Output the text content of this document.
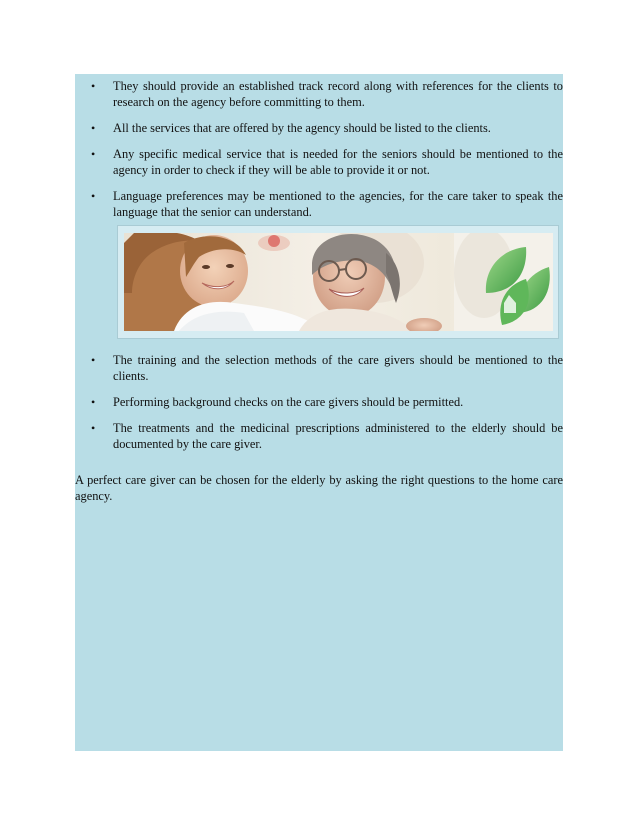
• They should provide an established track record along with references for the clients to research on the agency before committing to them.
• All the services that are offered by the agency should be listed to the clients.
• Any specific medical service that is needed for the seniors should be mentioned to the agency in order to check if they will be able to provide it or not.
• Language preferences may be mentioned to the agencies, for the care taker to speak the language that the senior can understand.
• The training and the selection methods of the care givers should be mentioned to the clients.
• Performing background checks on the care givers should be permitted.
• The treatments and the medicinal prescriptions administered to the elderly should be documented by the care giver.

A perfect care giver can be chosen for the elderly by asking the right questions to the home care agency.
